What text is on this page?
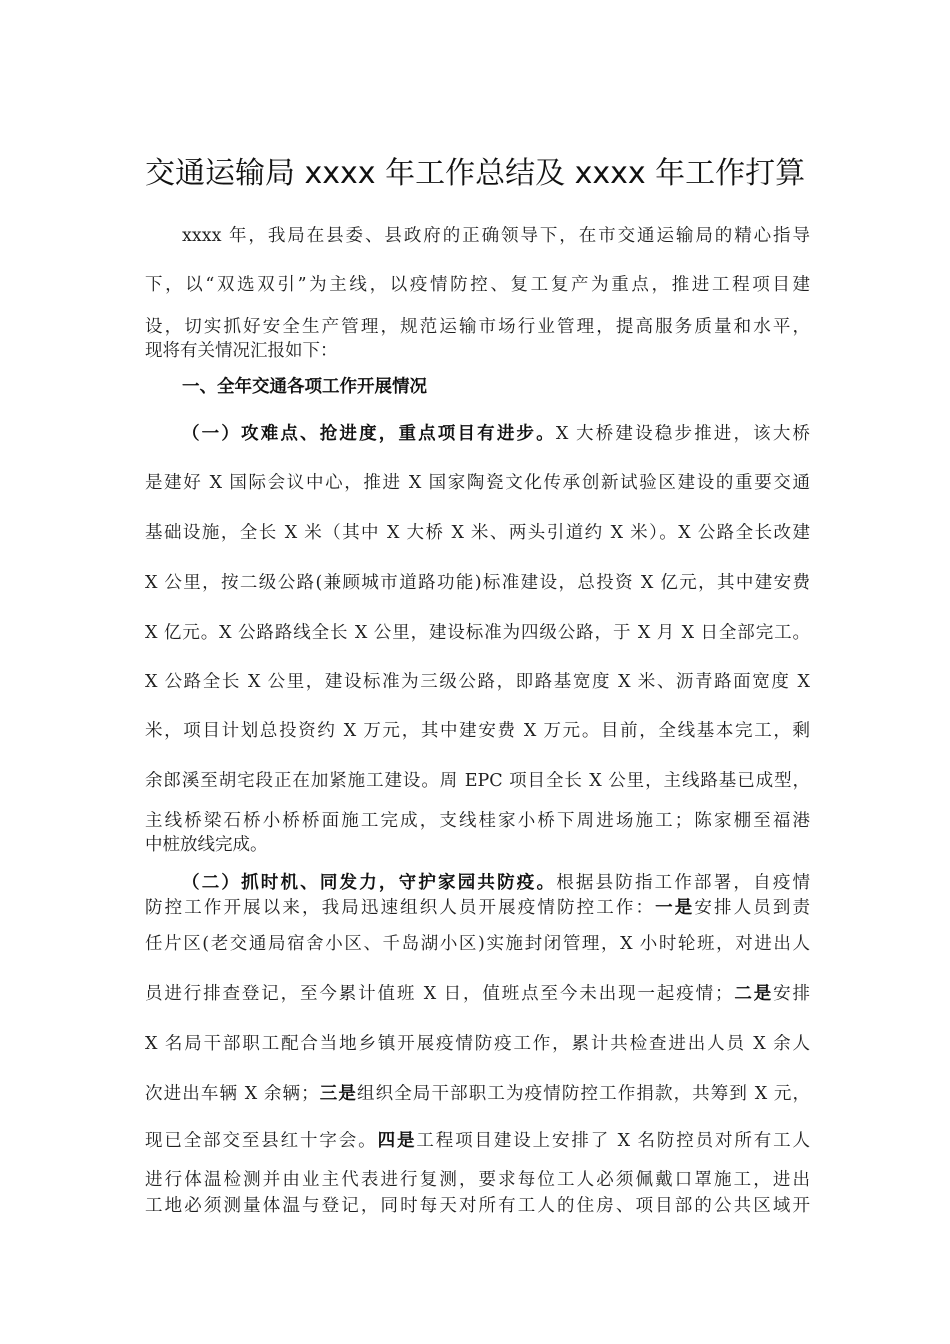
交通运输局 xxxx 年工作总结及 xxxx 年工作打算
xxxx 年，我局在县委、县政府的正确领导下，在市交通运输局的精心指导
下，以“双选双引”为主线，以疫情防控、复工复产为重点，推进工程项目建
设，切实抓好安全生产管理，规范运输市场行业管理，提高服务质量和水平，
现将有关情况汇报如下：
一、全年交通各项工作开展情况
（一）攻难点、抢进度，重点项目有进步。X 大桥建设稳步推进，该大桥
是建好 X 国际会议中心，推进 X 国家陶瓷文化传承创新试验区建设的重要交通
基础设施，全长 X 米（其中 X 大桥 X 米、两头引道约 X 米）。X 公路全长改建
X 公里，按二级公路(兼顾城市道路功能)标准建设，总投资 X 亿元，其中建安费
X 亿元。X 公路路线全长 X 公里，建设标准为四级公路，于 X 月 X 日全部完工。
X 公路全长 X 公里，建设标准为三级公路，即路基宽度 X 米、沥青路面宽度 X
米，项目计划总投资约 X 万元，其中建安费 X 万元。目前，全线基本完工，剩
余郎溪至胡宅段正在加紧施工建设。周 EPC 项目全长 X 公里，主线路基已成型，
主线桥梁石桥小桥桥面施工完成，支线桂家小桥下周进场施工；陈家棚至福港
中桩放线完成。
（二）抓时机、同发力，守护家园共防疫。根据县防指工作部署，自疫情
防控工作开展以来，我局迅速组织人员开展疫情防控工作：一是安排人员到责
任片区(老交通局宿舍小区、千岛湖小区)实施封闭管理，X 小时轮班，对进出人
员进行排查登记，至今累计值班 X 日，值班点至今未出现一起疫情；二是安排
X 名局干部职工配合当地乡镇开展疫情防疫工作，累计共检查进出人员 X 余人
次进出车辆 X 余辆；三是组织全局干部职工为疫情防控工作捐款，共筹到 X 元，
现已全部交至县红十字会。四是工程项目建设上安排了 X 名防控员对所有工人
进行体温检测并由业主代表进行复测，要求每位工人必须佩戴口罩施工，进出
工地必须测量体温与登记，同时每天对所有工人的住房、项目部的公共区域开
